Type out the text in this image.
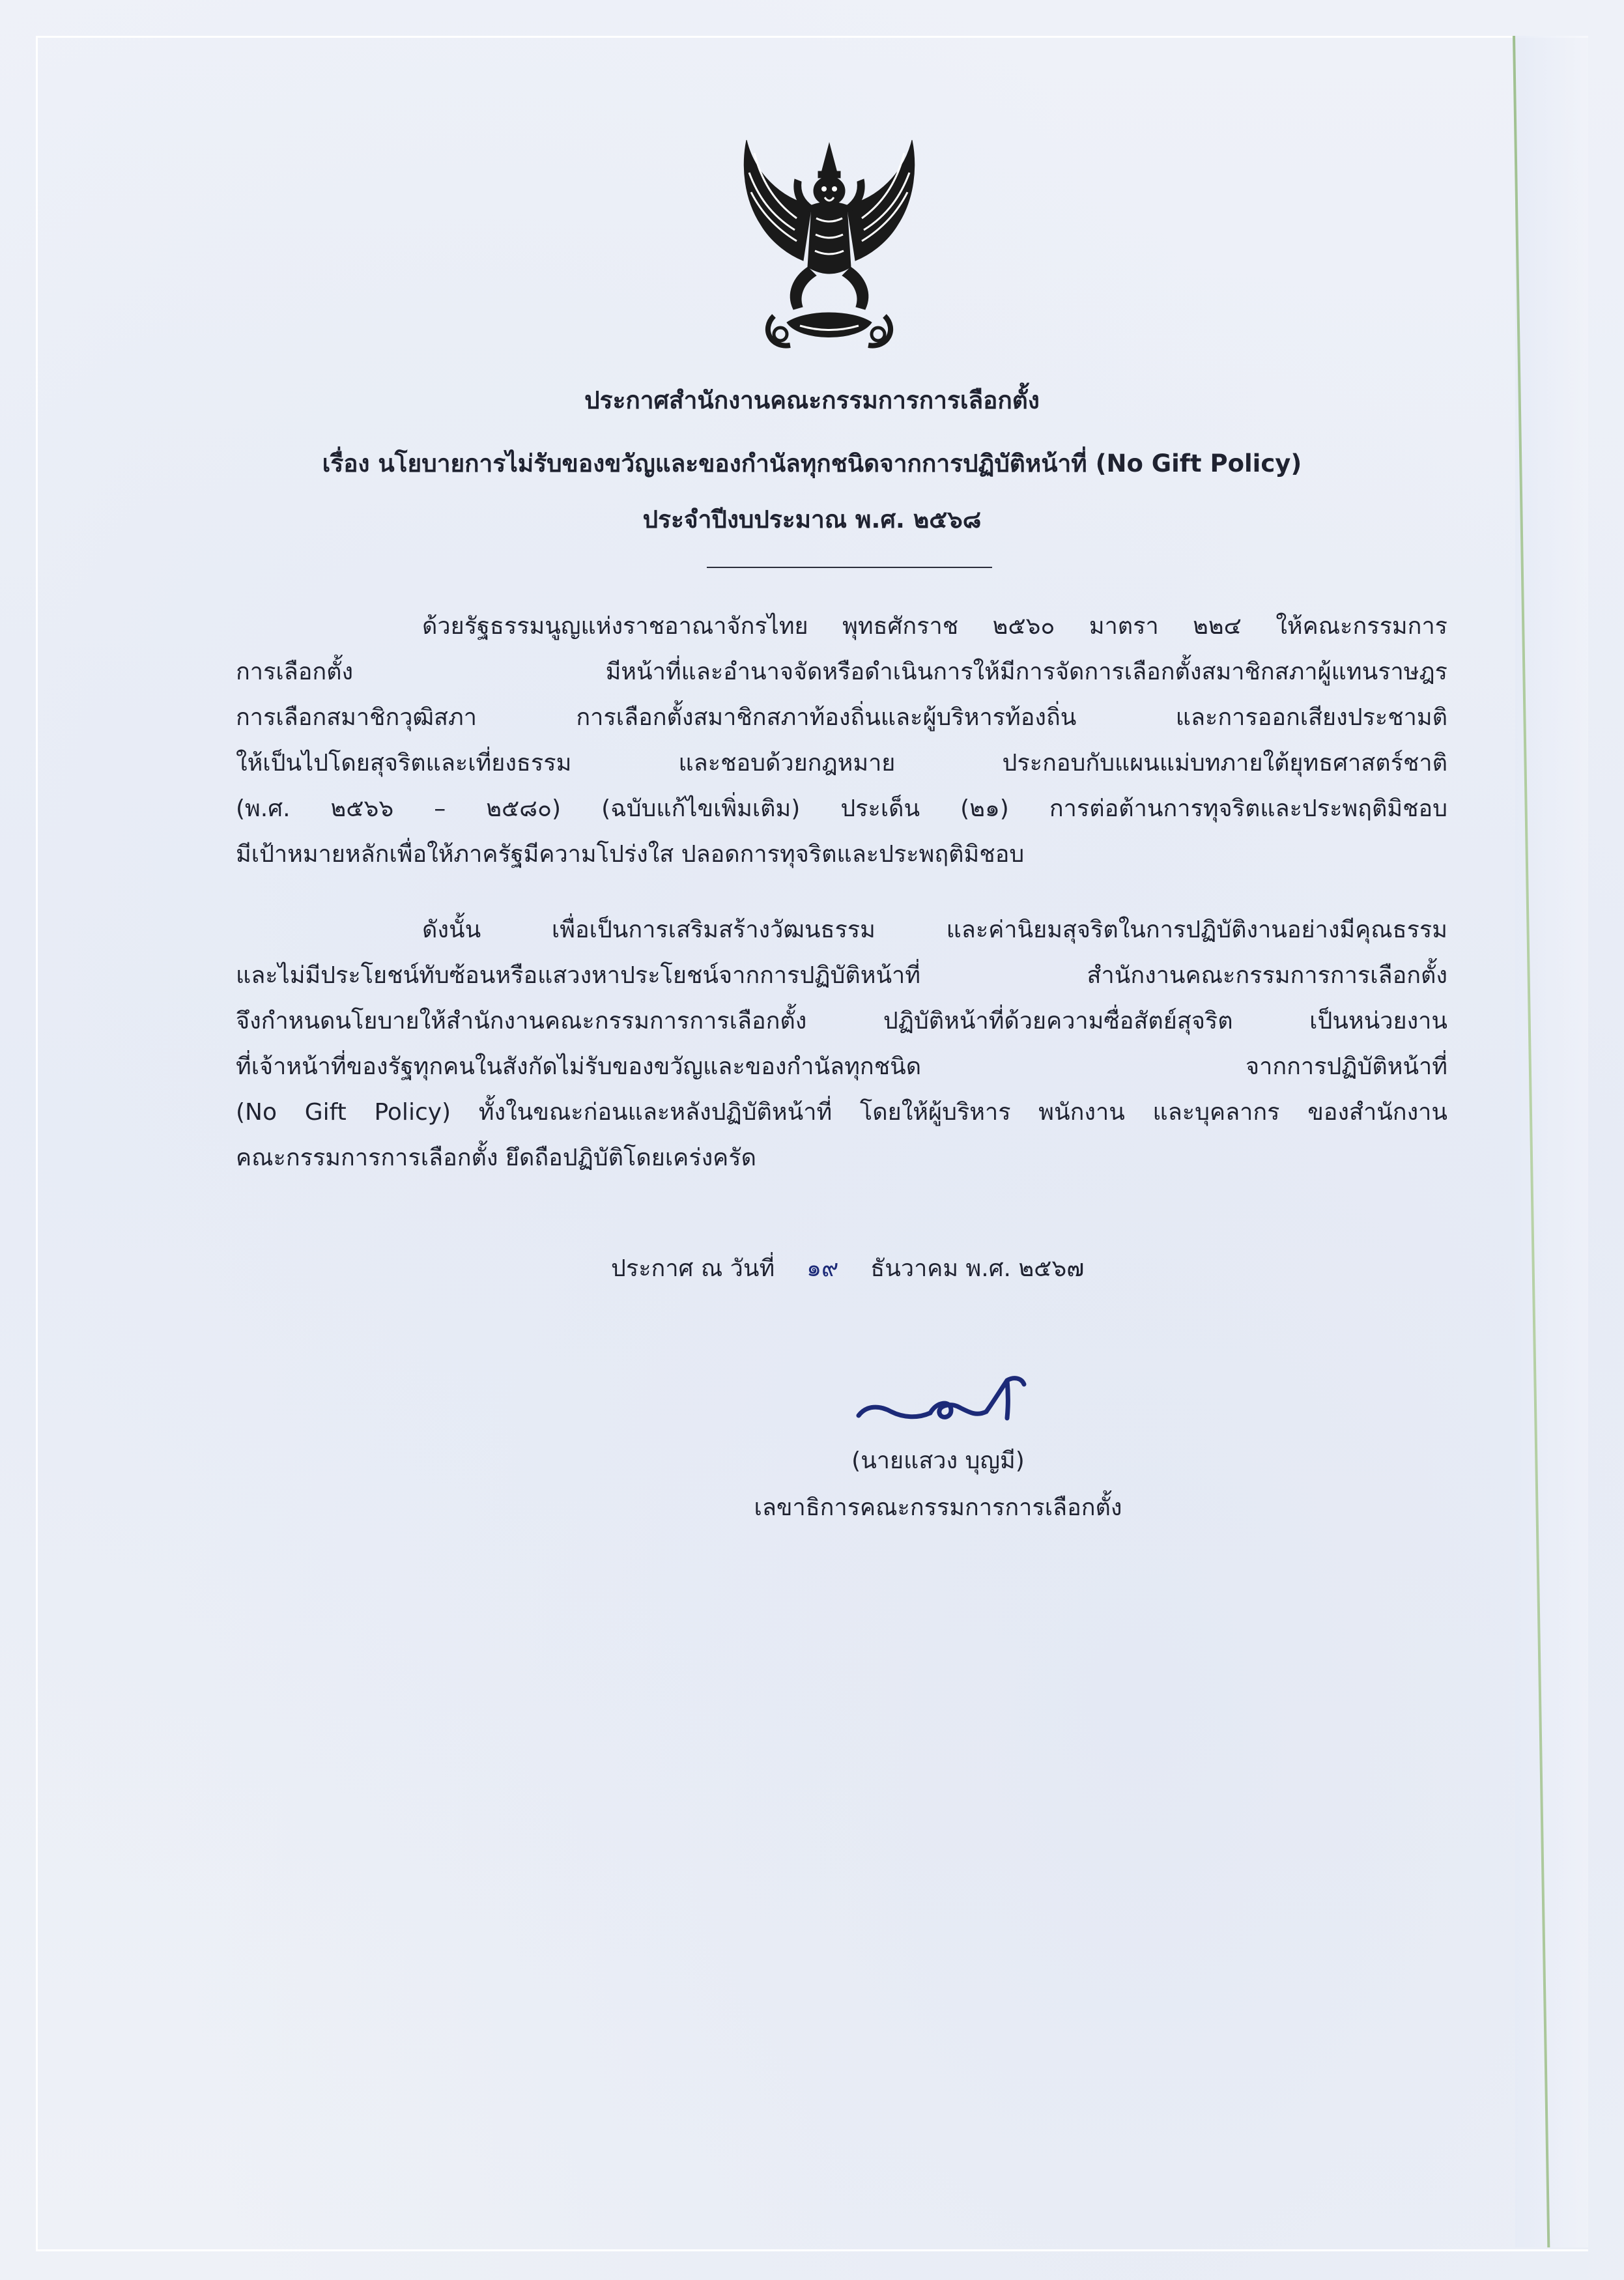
ประกาศสำนักงานคณะกรรมการการเลือกตั้ง
เรื่อง นโยบายการไม่รับของขวัญและของกำนัลทุกชนิดจากการปฏิบัติหน้าที่ (No Gift Policy)
ประจำปีงบประมาณ พ.ศ. ๒๕๖๘
ด้วยรัฐธรรมนูญแห่งราชอาณาจักรไทย พุทธศักราช ๒๕๖๐ มาตรา ๒๒๔ ให้คณะกรรมการ
การเลือกตั้ง มีหน้าที่และอำนาจจัดหรือดำเนินการให้มีการจัดการเลือกตั้งสมาชิกสภาผู้แทนราษฎร
การเลือกสมาชิกวุฒิสภา การเลือกตั้งสมาชิกสภาท้องถิ่นและผู้บริหารท้องถิ่น และการออกเสียงประชามติ
ให้เป็นไปโดยสุจริตและเที่ยงธรรม และชอบด้วยกฎหมาย ประกอบกับแผนแม่บทภายใต้ยุทธศาสตร์ชาติ
(พ.ศ. ๒๕๖๖ – ๒๕๘๐) (ฉบับแก้ไขเพิ่มเติม) ประเด็น (๒๑) การต่อต้านการทุจริตและประพฤติมิชอบ
มีเป้าหมายหลักเพื่อให้ภาครัฐมีความโปร่งใส ปลอดการทุจริตและประพฤติมิชอบ
ดังนั้น เพื่อเป็นการเสริมสร้างวัฒนธรรม และค่านิยมสุจริตในการปฏิบัติงานอย่างมีคุณธรรม
และไม่มีประโยชน์ทับซ้อนหรือแสวงหาประโยชน์จากการปฏิบัติหน้าที่ สำนักงานคณะกรรมการการเลือกตั้ง
จึงกำหนดนโยบายให้สำนักงานคณะกรรมการการเลือกตั้ง ปฏิบัติหน้าที่ด้วยความซื่อสัตย์สุจริต เป็นหน่วยงาน
ที่เจ้าหน้าที่ของรัฐทุกคนในสังกัดไม่รับของขวัญและของกำนัลทุกชนิด จากการปฏิบัติหน้าที่
(No Gift Policy) ทั้งในขณะก่อนและหลังปฏิบัติหน้าที่ โดยให้ผู้บริหาร พนักงาน และบุคลากร ของสำนักงาน
คณะกรรมการการเลือกตั้ง ยึดถือปฏิบัติโดยเคร่งครัด
ประกาศ ณ วันที่ ๑๙ ธันวาคม พ.ศ. ๒๕๖๗
(นายแสวง บุญมี)
เลขาธิการคณะกรรมการการเลือกตั้ง
